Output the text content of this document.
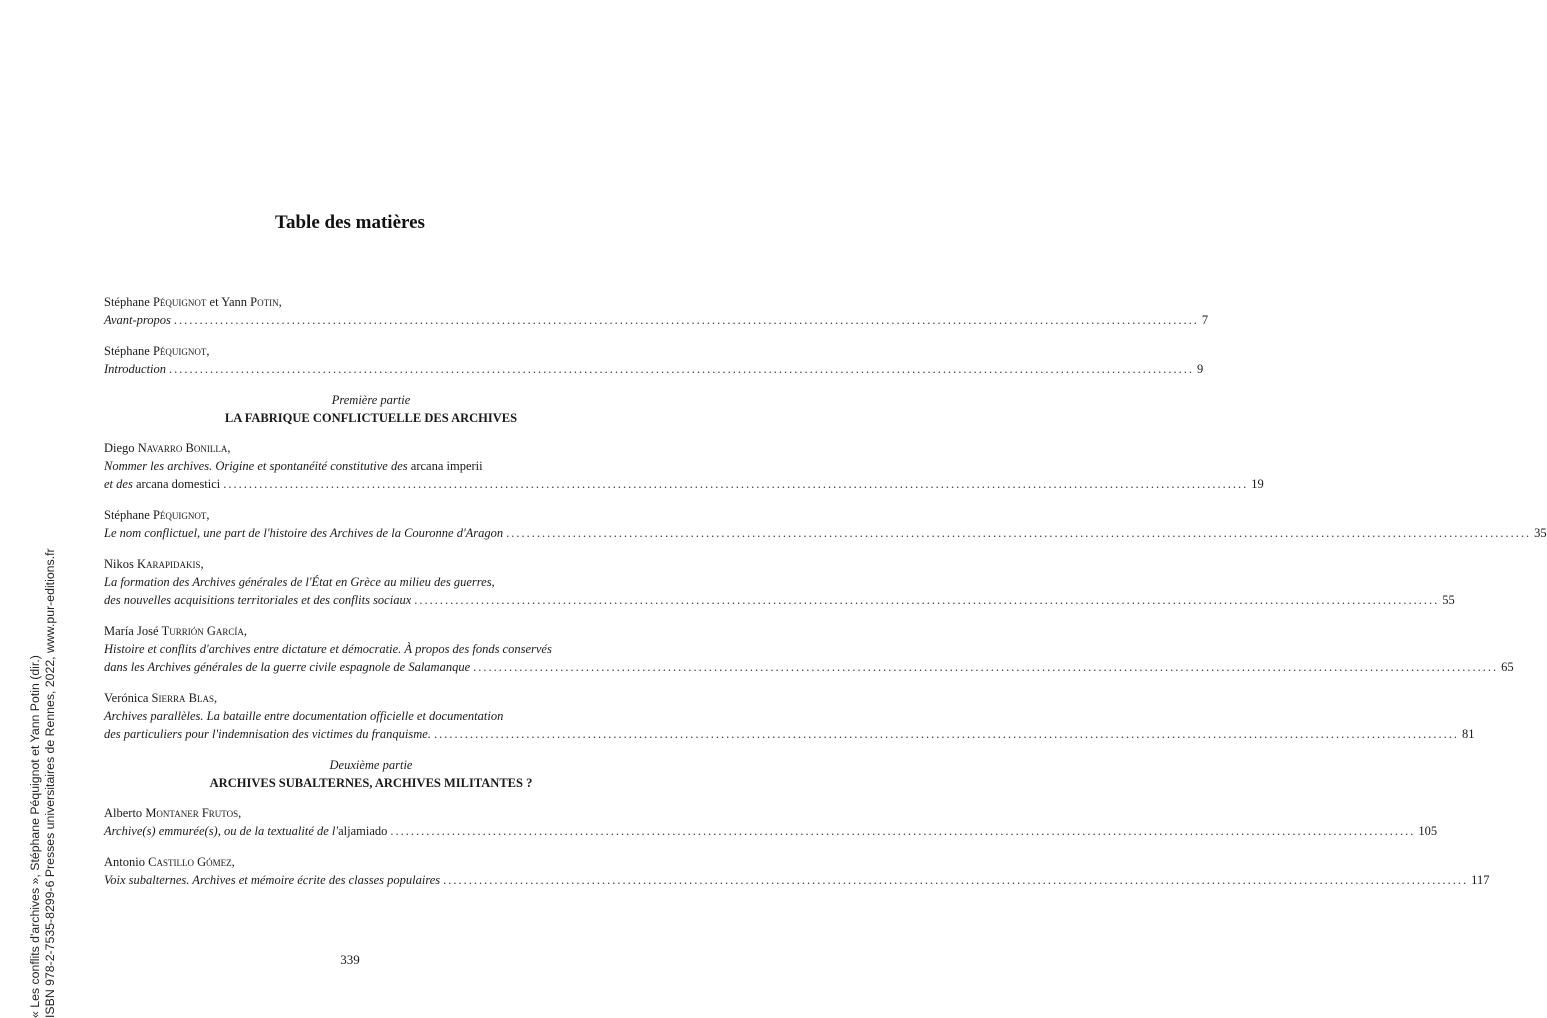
Table des matières
Stéphane Péquignot et Yann Potin,
Avant-propos ........................................................................................................................................................................................................ 7
Stéphane Péquignot,
Introduction ........................................................................................................................................................................................................ 9
Première partie
LA FABRIQUE CONFLICTUELLE DES ARCHIVES
Diego Navarro Bonilla,
Nommer les archives. Origine et spontanéité constitutive des arcana imperii
et des arcana domestici ........................................................................................................................................................................................................ 19
Stéphane Péquignot,
Le nom conflictuel, une part de l'histoire des Archives de la Couronne d'Aragon ........................................................................................................................................................................................................ 35
Nikos Karapidakis,
La formation des Archives générales de l'État en Grèce au milieu des guerres,
des nouvelles acquisitions territoriales et des conflits sociaux ........................................................................................................................................................................................................ 55
María José Turrión García,
Histoire et conflits d'archives entre dictature et démocratie. À propos des fonds conservés
dans les Archives générales de la guerre civile espagnole de Salamanque ........................................................................................................................................................................................................ 65
Verónica Sierra Blas,
Archives parallèles. La bataille entre documentation officielle et documentation
des particuliers pour l'indemnisation des victimes du franquisme. ........................................................................................................................................................................................................ 81
Deuxième partie
ARCHIVES SUBALTERNES, ARCHIVES MILITANTES ?
Alberto Montaner Frutos,
Archive(s) emmurée(s), ou de la textualité de l'aljamiado ........................................................................................................................................................................................................ 105
Antonio Castillo Gómez,
Voix subalternes. Archives et mémoire écrite des classes populaires ........................................................................................................................................................................................................ 117
339
« Les conflits d'archives », Stéphane Péquignot et Yann Potin (dir.) ISBN 978-2-7535-8299-6 Presses universitaires de Rennes, 2022, www.pur-editions.fr
